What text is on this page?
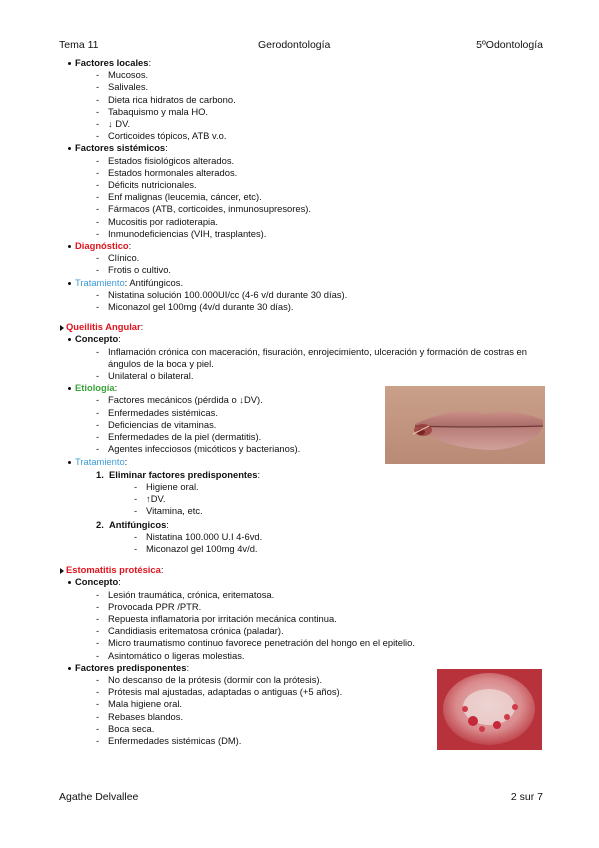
Tema 11	Gerodontología	5ºOdontología
Factores locales:
- Mucosos.
- Salivales.
- Dieta rica hidratos de carbono.
- Tabaquismo y mala HO.
- ↓ DV.
- Corticoides tópicos, ATB v.o.
Factores sistémicos:
- Estados fisiológicos alterados.
- Estados hormonales alterados.
- Déficits nutricionales.
- Enf malignas (leucemia, cáncer, etc).
- Fármacos (ATB, corticoides, inmunosupresores).
- Mucositis por radioterapia.
- Inmunodeficiencias (VIH, trasplantes).
Diagnóstico:
- Clínico.
- Frotis o cultivo.
Tratamiento: Antifúngicos.
- Nistatina solución 100.000UI/cc (4-6 v/d durante 30 días).
- Miconazol gel 100mg (4v/d durante 30 días).
Queilitis Angular:
Concepto:
- Inflamación crónica con maceración, fisuración, enrojecimiento, ulceración y formación de costras en ángulos de la boca y piel.
- Unilateral o bilateral.
Etiología:
- Factores mecánicos (pérdida o ↓DV).
- Enfermedades sistémicas.
- Deficiencias de vitaminas.
- Enfermedades de la piel (dermatitis).
- Agentes infecciosos (micóticos y bacterianos).
Tratamiento:
1. Eliminar factores predisponentes:
- Higiene oral.
- ↑DV.
- Vitamina, etc.
2. Antifúngicos:
- Nistatina 100.000 U.I 4-6vd.
- Miconazol gel 100mg 4v/d.
Estomatitis protésica:
Concepto:
- Lesión traumática, crónica, eritematosa.
- Provocada PPR /PTR.
- Repuesta inflamatoria por irritación mecánica continua.
- Candidiasis eritematosa crónica (paladar).
- Micro traumatismo continuo favorece penetración del hongo en el epitelio.
- Asintomático o ligeras molestias.
Factores predisponentes:
- No descanso de la prótesis (dormir con la prótesis).
- Prótesis mal ajustadas, adaptadas o antiguas (+5 años).
- Mala higiene oral.
- Rebases blandos.
- Boca seca.
- Enfermedades sistémicas (DM).
Agathe Delvallee	2 sur 7
